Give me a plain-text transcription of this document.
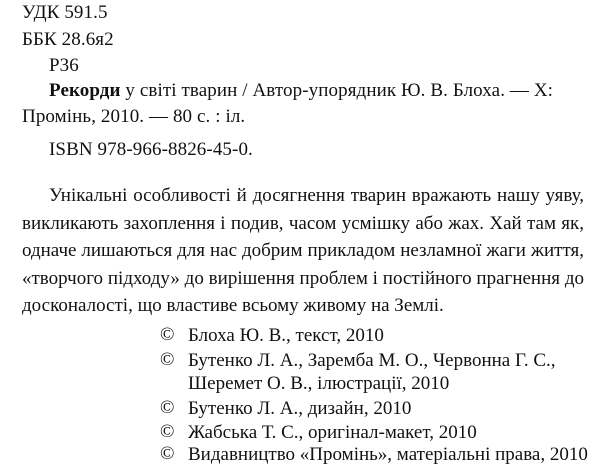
УДК 591.5
ББК 28.6я2
Р36
Рекорди у світі тварин / Автор-упорядник Ю. В. Блоха. — Х:
Промінь, 2010. — 80 с. : іл.
ISBN 978-966-8826-45-0.
Унікальні особливості й досягнення тварин вражають нашу уяву, викликають захоплення і подив, часом усмішку або жах. Хай там як, одначе лишаються для нас добрим прикладом незламної жаги життя, «творчого підходу» до вирішення проблем і постійного прагнення до досконалості, що властиве всьому живому на Землі.
© Блоха Ю. В., текст, 2010
© Бутенко Л. А., Заремба М. О., Червонна Г. С.,
Шеремет О. В., ілюстрації, 2010
© Бутенко Л. А., дизайн, 2010
© Жабська Т. С., оригінал-макет, 2010
© Видавництво «Промінь», матеріальні права, 2010
